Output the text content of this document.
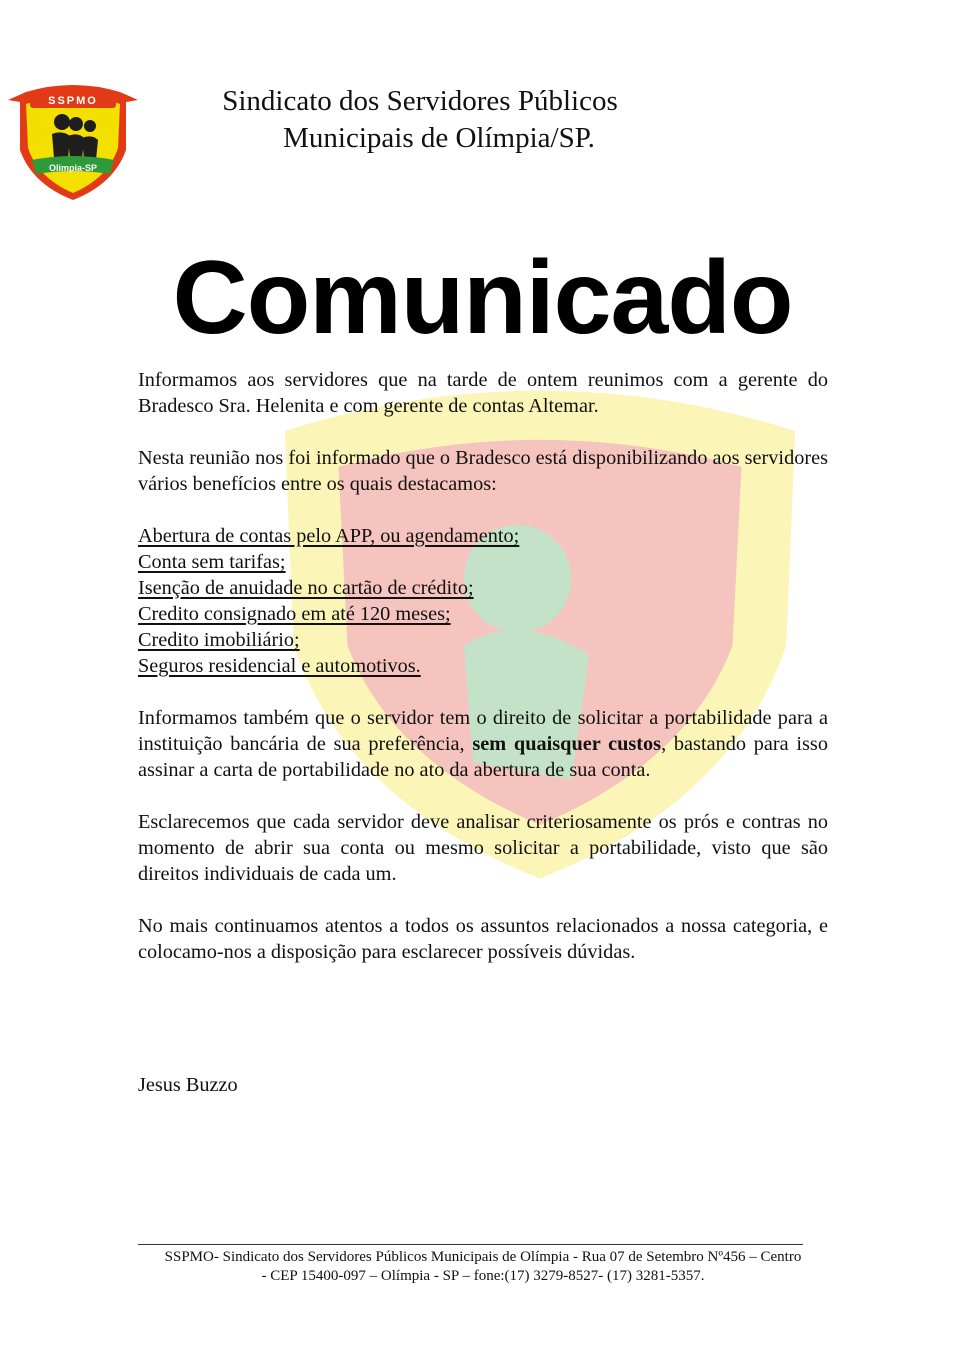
SSPMO
Olimpia-SP
Sindicato dos Servidores Públicos
Municipais de Olímpia/SP.
Comunicado

Informamos aos servidores que na tarde de ontem reunimos com a gerente do Bradesco Sra. Helenita e com gerente de contas Altemar.

Nesta reunião nos foi informado que o Bradesco está disponibilizando aos servidores vários benefícios entre os quais destacamos:

Abertura de contas pelo APP, ou agendamento;
Conta sem tarifas;
Isenção de anuidade no cartão de crédito;
Credito consignado em até 120 meses;
Credito imobiliário;
Seguros residencial e automotivos.

Informamos também que o servidor tem o direito de solicitar a portabilidade para a instituição bancária de sua preferência, sem quaisquer custos, bastando para isso assinar a carta de portabilidade no ato da abertura de sua conta.

Esclarecemos que cada servidor deve analisar criteriosamente os prós e contras no momento de abrir sua conta ou mesmo solicitar a portabilidade, visto que são direitos individuais de cada um.

No mais continuamos atentos a todos os assuntos relacionados a nossa categoria, e colocamo-nos a disposição para esclarecer possíveis dúvidas.

Jesus Buzzo
SSPMO- Sindicato dos Servidores Públicos Municipais de Olímpia - Rua 07 de Setembro Nº456 – Centro
- CEP 15400-097 – Olímpia - SP – fone:(17) 3279-8527- (17) 3281-5357.
